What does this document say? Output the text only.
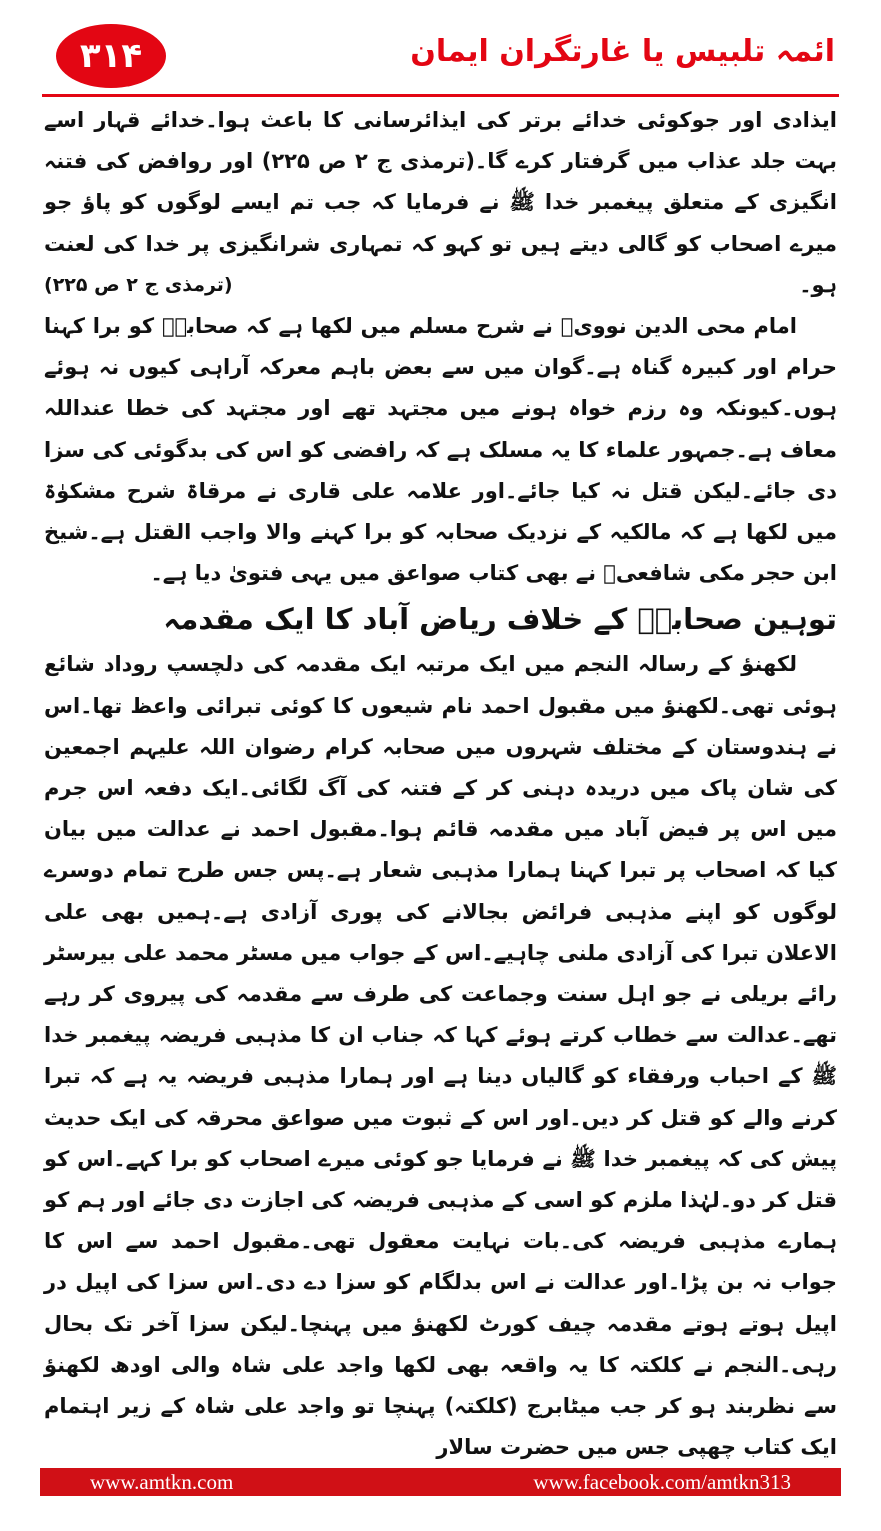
۳۱۴	ائمہ تلبیس یا غارتگران ایمان

ایذادی اور جوکوئی خدائے برتر کی ایذائرسانی کا باعث ہوا۔خدائے قہار اسے بہت جلد عذاب میں گرفتار کرے گا۔(ترمذی ج ۲ ص ۲۲۵) اور روافض کی فتنہ انگیزی کے متعلق پیغمبر خدا ﷺ نے فرمایا کہ جب تم ایسے لوگوں کو پاؤ جو میرے اصحاب کو گالی دیتے ہیں تو کہو کہ تمہاری شرانگیزی پر خدا کی لعنت ہو۔
(ترمذی ج ۲ ص ۲۲۵)

امام محی الدین نوویؒ نے شرح مسلم میں لکھا ہے کہ صحابہؓ کو برا کہنا حرام اور کبیرہ گناہ ہے۔گوان میں سے بعض باہم معرکہ آراہی کیوں نہ ہوئے ہوں۔کیونکہ وہ رزم خواہ ہونے میں مجتہد تھے اور مجتہد کی خطا عنداللہ معاف ہے۔جمہور علماء کا یہ مسلک ہے کہ رافضی کو اس کی بدگوئی کی سزا دی جائے۔لیکن قتل نہ کیا جائے۔اور علامہ علی قاری نے مرقاۃ شرح مشکوٰۃ میں لکھا ہے کہ مالکیہ کے نزدیک صحابہ کو برا کہنے والا واجب القتل ہے۔شیخ ابن حجر مکی شافعیؒ نے بھی کتاب صواعق میں یہی فتویٰ دیا ہے۔

توہین صحابہؓ کے خلاف ریاض آباد کا ایک مقدمہ

لکھنؤ کے رسالہ النجم میں ایک مرتبہ ایک مقدمہ کی دلچسپ روداد شائع ہوئی تھی۔لکھنؤ میں مقبول احمد نام شیعوں کا کوئی تبرائی واعظ تھا۔اس نے ہندوستان کے مختلف شہروں میں صحابہ کرام رضوان اللہ علیہم اجمعین کی شان پاک میں دریدہ دہنی کر کے فتنہ کی آگ لگائی۔ایک دفعہ اس جرم میں اس پر فیض آباد میں مقدمہ قائم ہوا۔مقبول احمد نے عدالت میں بیان کیا کہ اصحاب پر تبرا کہنا ہمارا مذہبی شعار ہے۔پس جس طرح تمام دوسرے لوگوں کو اپنے مذہبی فرائض بجالانے کی پوری آزادی ہے۔ہمیں بھی علی الاعلان تبرا کی آزادی ملنی چاہیے۔اس کے جواب میں مسٹر محمد علی بیرسٹر رائے بریلی نے جو اہل سنت وجماعت کی طرف سے مقدمہ کی پیروی کر رہے تھے۔عدالت سے خطاب کرتے ہوئے کہا کہ جناب ان کا مذہبی فریضہ پیغمبر خدا ﷺ کے احباب ورفقاء کو گالیاں دینا ہے اور ہمارا مذہبی فریضہ یہ ہے کہ تبرا کرنے والے کو قتل کر دیں۔اور اس کے ثبوت میں صواعق محرقہ کی ایک حدیث پیش کی کہ پیغمبر خدا ﷺ نے فرمایا جو کوئی میرے اصحاب کو برا کہے۔اس کو قتل کر دو۔لہٰذا ملزم کو اسی کے مذہبی فریضہ کی اجازت دی جائے اور ہم کو ہمارے مذہبی فریضہ کی۔بات نہایت معقول تھی۔مقبول احمد سے اس کا جواب نہ بن پڑا۔اور عدالت نے اس بدلگام کو سزا دے دی۔اس سزا کی اپیل در اپیل ہوتے ہوتے مقدمہ چیف کورٹ لکھنؤ میں پہنچا۔لیکن سزا آخر تک بحال رہی۔النجم نے کلکتہ کا یہ واقعہ بھی لکھا واجد علی شاہ والی اودھ لکھنؤ سے نظربند ہو کر جب میٹابرج (کلکتہ) پہنچا تو واجد علی شاہ کے زیر اہتمام ایک کتاب چھپی جس میں حضرت سالار

www.amtkn.com	www.facebook.com/amtkn313
